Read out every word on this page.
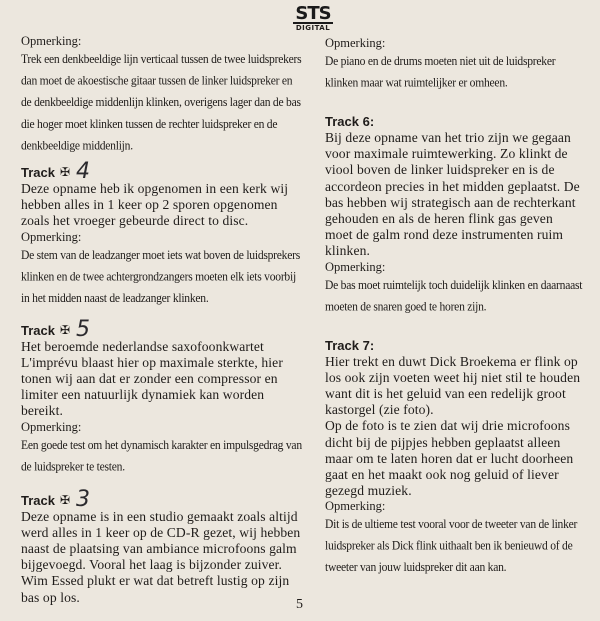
STS
DIGITAL

Opmerking:

Trek een denkbeeldige lijn verticaal tussen de twee luidsprekers dan moet de akoestische gitaar tussen de linker luidspreker en de denkbeeldige middenlijn klinken, overigens lager dan de bas die hoger moet klinken tussen de rechter luidspreker en de denkbeeldige middenlijn.

Track ✠ 4

Deze opname heb ik opgenomen in een kerk wij hebben alles in 1 keer op 2 sporen opgenomen zoals het vroeger gebeurde direct to disc.

Opmerking:

De stem van de leadzanger moet iets wat boven de luidsprekers klinken en de twee achtergrondzangers moeten elk iets voorbij in het midden naast de leadzanger klinken.

Track ✠ 5

Het beroemde nederlandse saxofoonkwartet L'imprévu blaast hier op maximale sterkte, hier tonen wij aan dat er zonder een compressor en limiter een natuurlijk dynamiek kan worden bereikt.

Opmerking:

Een goede test om het dynamisch karakter en impulsgedrag van de luidspreker te testen.

Track ✠ 3

Deze opname is in een studio gemaakt zoals altijd werd alles in 1 keer op de CD-R gezet, wij hebben naast de plaatsing van ambiance microfoons galm bijgevoegd. Vooral het laag is bijzonder zuiver. Wim Essed plukt er wat dat betreft lustig op zijn bas op los.

Opmerking:

De piano en de drums moeten niet uit de luidspreker klinken maar wat ruimtelijker er omheen.

Track 6:

Bij deze opname van het trio zijn we gegaan voor maximale ruimtewerking. Zo klinkt de viool boven de linker luidspreker en is de accordeon precies in het midden geplaatst. De bas hebben wij strategisch aan de rechterkant gehouden en als de heren flink gas geven moet de galm rond deze instrumenten ruim klinken.

Opmerking:

De bas moet ruimtelijk toch duidelijk klinken en daarnaast moeten de snaren goed te horen zijn.

Track 7:

Hier trekt en duwt Dick Broekema er flink op los ook zijn voeten weet hij niet stil te houden want dit is het geluid van een redelijk groot kastorgel (zie foto).

Op de foto is te zien dat wij drie microfoons dicht bij de pijpjes hebben geplaatst alleen maar om te laten horen dat er lucht doorheen gaat en het maakt ook nog geluid of liever gezegd muziek.

Opmerking:

Dit is de ultieme test vooral voor de tweeter van de linker luidspreker als Dick flink uithaalt ben ik benieuwd of de tweeter van jouw luidspreker dit aan kan.

5
